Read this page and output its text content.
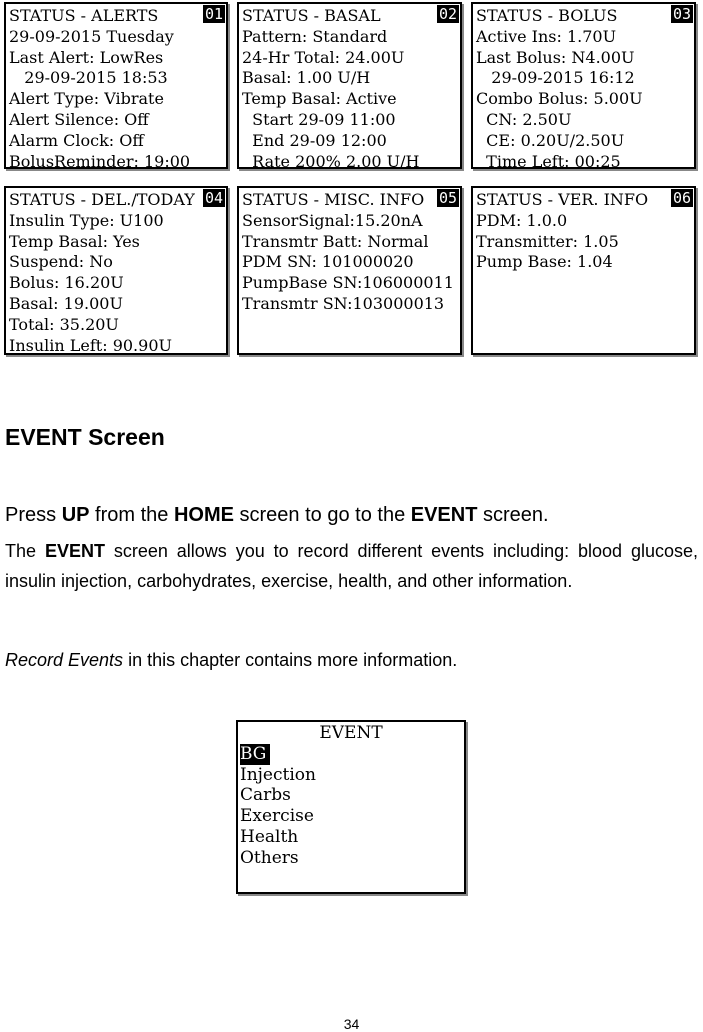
01
STATUS - ALERTS
29-09-2015 Tuesday
Last Alert: LowRes
29-09-2015 18:53
Alert Type: Vibrate
Alert Silence: Off
Alarm Clock: Off
BolusReminder: 19:00
02
STATUS - BASAL
Pattern: Standard
24-Hr Total: 24.00U
Basal: 1.00 U/H
Temp Basal: Active
Start 29-09 11:00
End 29-09 12:00
Rate 200% 2.00 U/H
03
STATUS - BOLUS
Active Ins: 1.70U
Last Bolus: N4.00U
29-09-2015 16:12
Combo Bolus: 5.00U
CN: 2.50U
CE: 0.20U/2.50U
Time Left: 00:25
04
STATUS - DEL./TODAY
Insulin Type: U100
Temp Basal: Yes
Suspend: No
Bolus: 16.20U
Basal: 19.00U
Total: 35.20U
Insulin Left: 90.90U
05
STATUS - MISC. INFO
SensorSignal:15.20nA
Transmtr Batt: Normal
PDM SN: 101000020
PumpBase SN:106000011
Transmtr SN:103000013
06
STATUS - VER. INFO
PDM: 1.0.0
Transmitter: 1.05
Pump Base: 1.04
EVENT Screen

Press UP from the HOME screen to go to the EVENT screen.

The EVENT screen allows you to record different events including: blood glucose, insulin injection, carbohydrates, exercise, health, and other information.

Record Events in this chapter contains more information.

EVENT
BG
Injection
Carbs
Exercise
Health
Others
34
